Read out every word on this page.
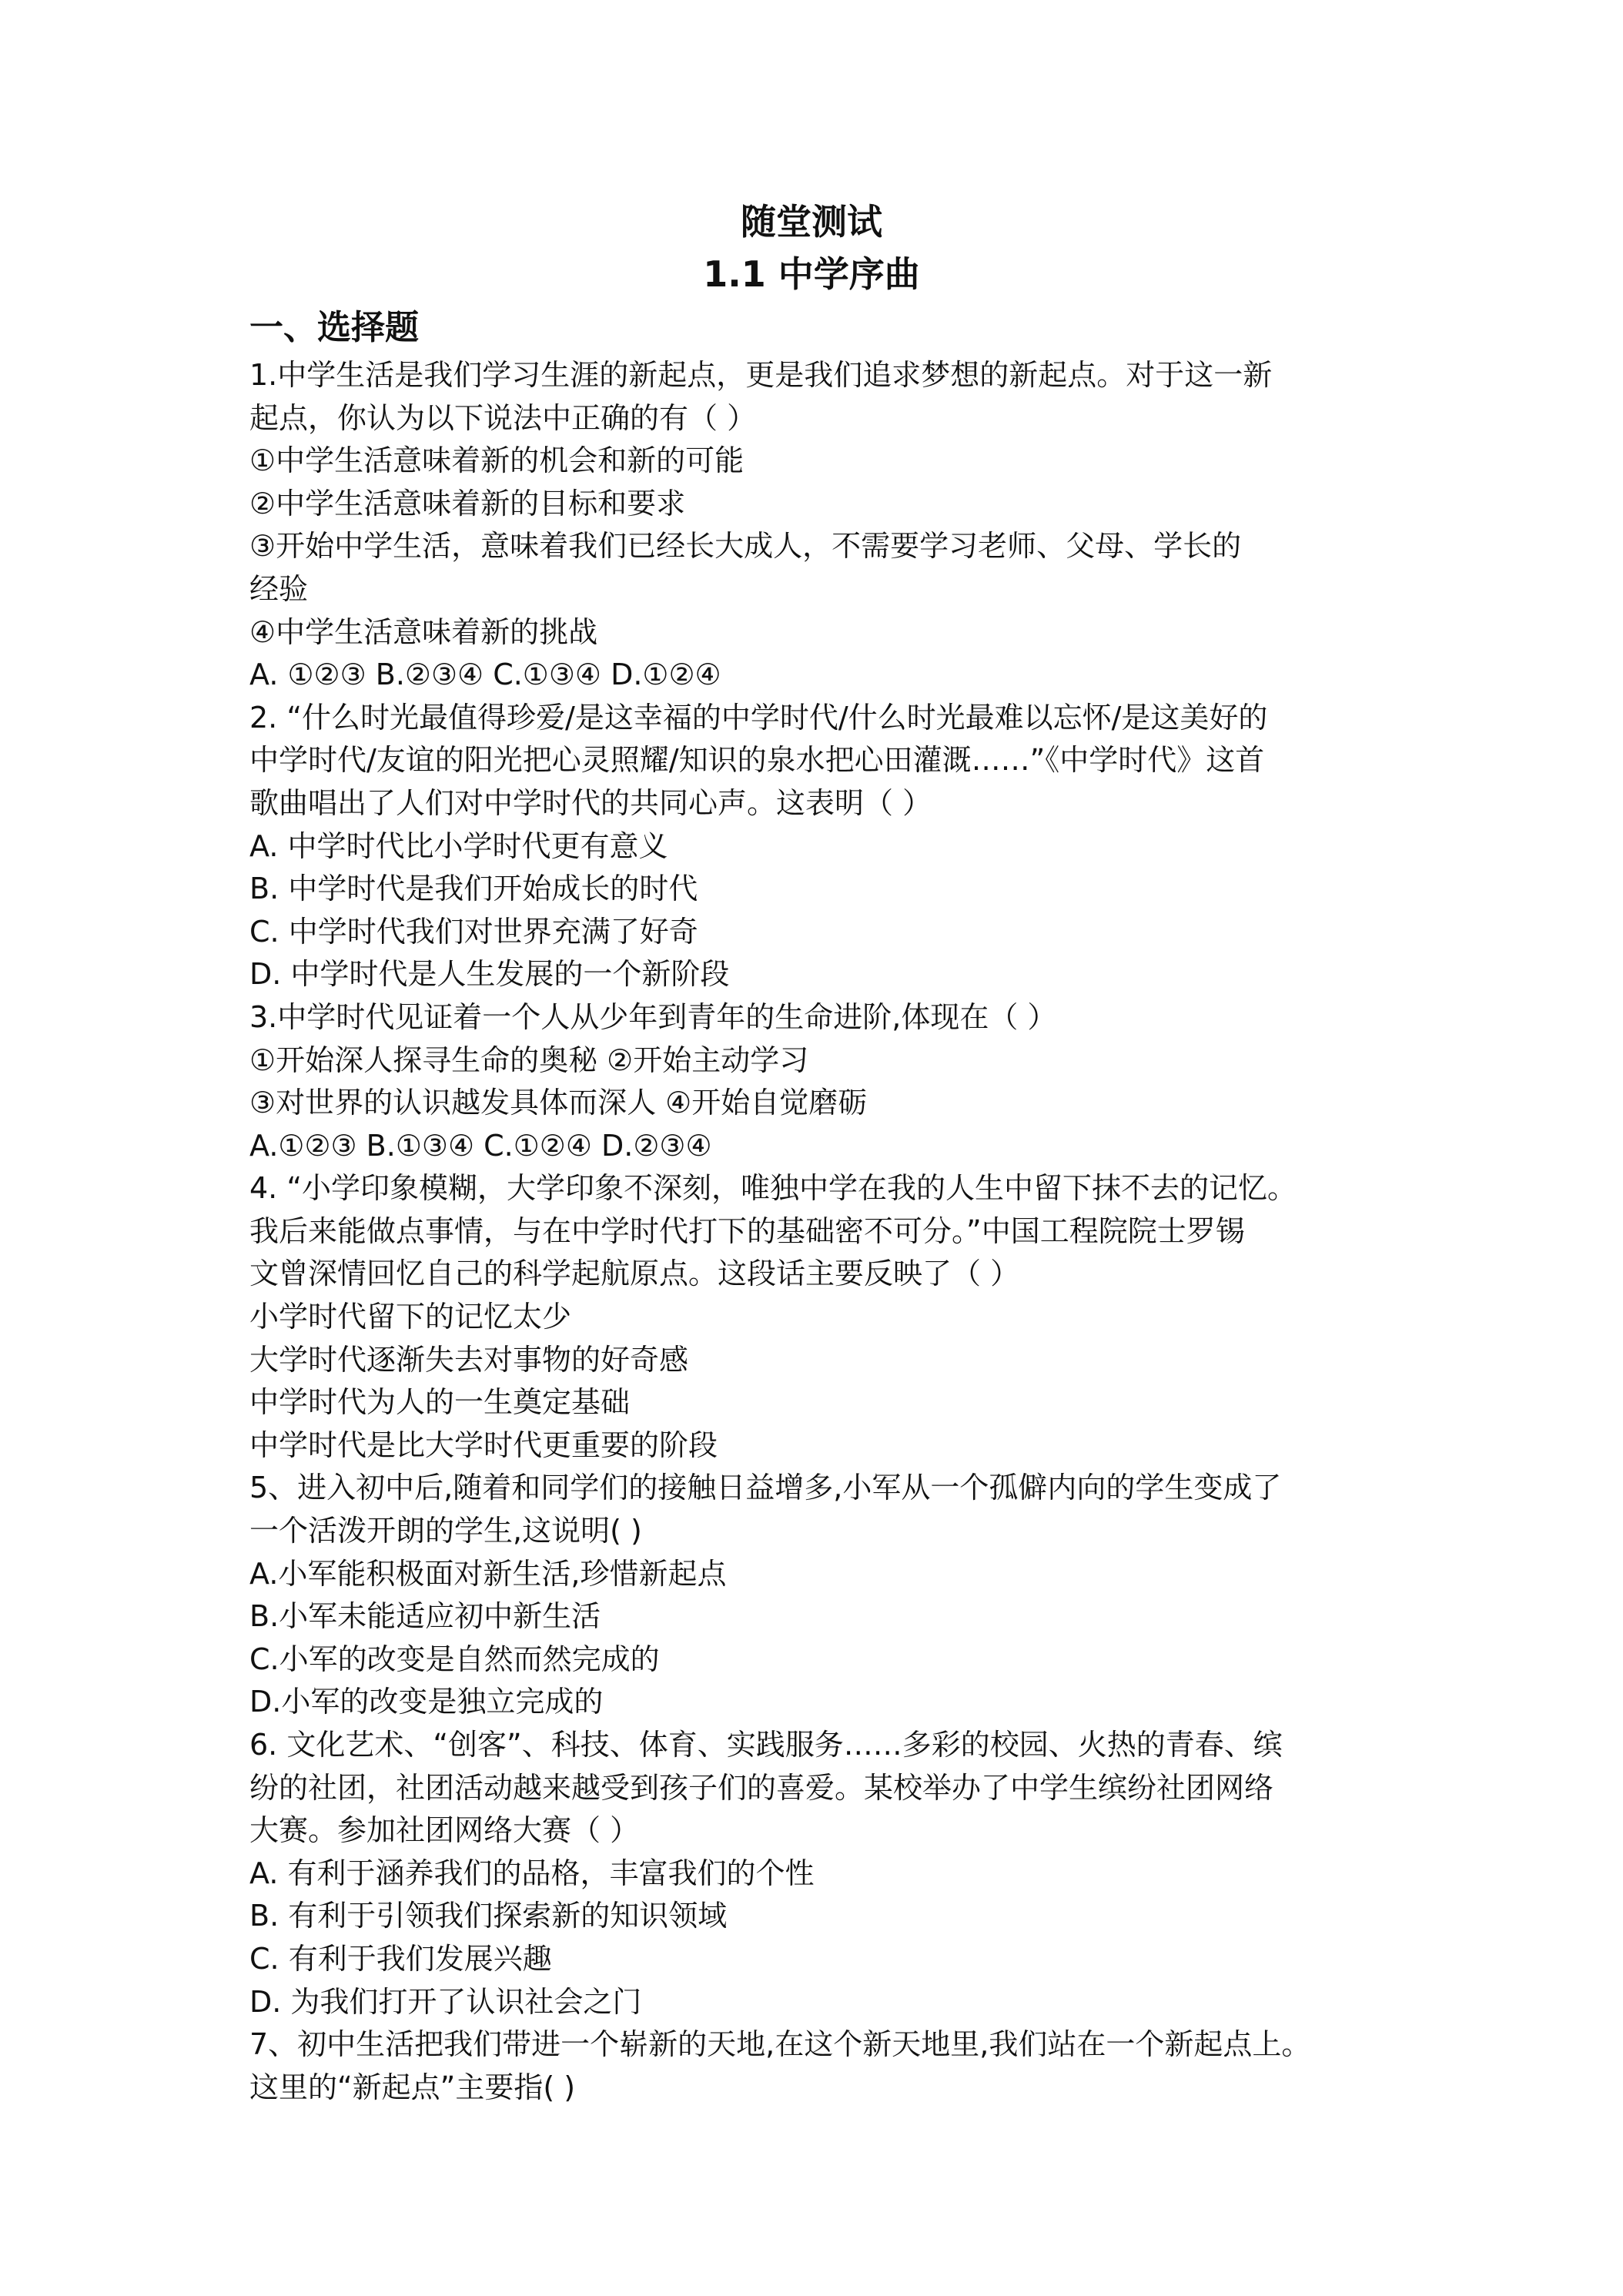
随堂测试
1.1 中学序曲
一、选择题
1.中学生活是我们学习生涯的新起点，更是我们追求梦想的新起点。对于这一新
起点，你认为以下说法中正确的有（ ）
①中学生活意味着新的机会和新的可能
②中学生活意味着新的目标和要求
③开始中学生活，意味着我们已经长大成人，不需要学习老师、父母、学长的
经验
④中学生活意味着新的挑战
A. ①②③ B.②③④ C.①③④ D.①②④
2. “什么时光最值得珍爱/是这幸福的中学时代/什么时光最难以忘怀/是这美好的
中学时代/友谊的阳光把心灵照耀/知识的泉水把心田灌溉……”《中学时代》这首
歌曲唱出了人们对中学时代的共同心声。这表明（ ）
A. 中学时代比小学时代更有意义
B. 中学时代是我们开始成长的时代
C. 中学时代我们对世界充满了好奇
D. 中学时代是人生发展的一个新阶段
3.中学时代见证着一个人从少年到青年的生命进阶,体现在（ ）
①开始深人探寻生命的奥秘 ②开始主动学习
③对世界的认识越发具体而深人 ④开始自觉磨砺
A.①②③ B.①③④ C.①②④ D.②③④
4. “小学印象模糊，大学印象不深刻，唯独中学在我的人生中留下抹不去的记忆。
我后来能做点事情，与在中学时代打下的基础密不可分。”中国工程院院士罗锡
文曾深情回忆自己的科学起航原点。这段话主要反映了（ ）
小学时代留下的记忆太少
大学时代逐渐失去对事物的好奇感
中学时代为人的一生奠定基础
中学时代是比大学时代更重要的阶段
5、进入初中后,随着和同学们的接触日益增多,小军从一个孤僻内向的学生变成了
一个活泼开朗的学生,这说明( )
A.小军能积极面对新生活,珍惜新起点
B.小军未能适应初中新生活
C.小军的改变是自然而然完成的
D.小军的改变是独立完成的
6. 文化艺术、“创客”、科技、体育、实践服务……多彩的校园、火热的青春、缤
纷的社团，社团活动越来越受到孩子们的喜爱。某校举办了中学生缤纷社团网络
大赛。参加社团网络大赛（ ）
A. 有利于涵养我们的品格，丰富我们的个性
B. 有利于引领我们探索新的知识领域
C. 有利于我们发展兴趣
D. 为我们打开了认识社会之门
7、初中生活把我们带进一个崭新的天地,在这个新天地里,我们站在一个新起点上。
这里的“新起点”主要指( )
